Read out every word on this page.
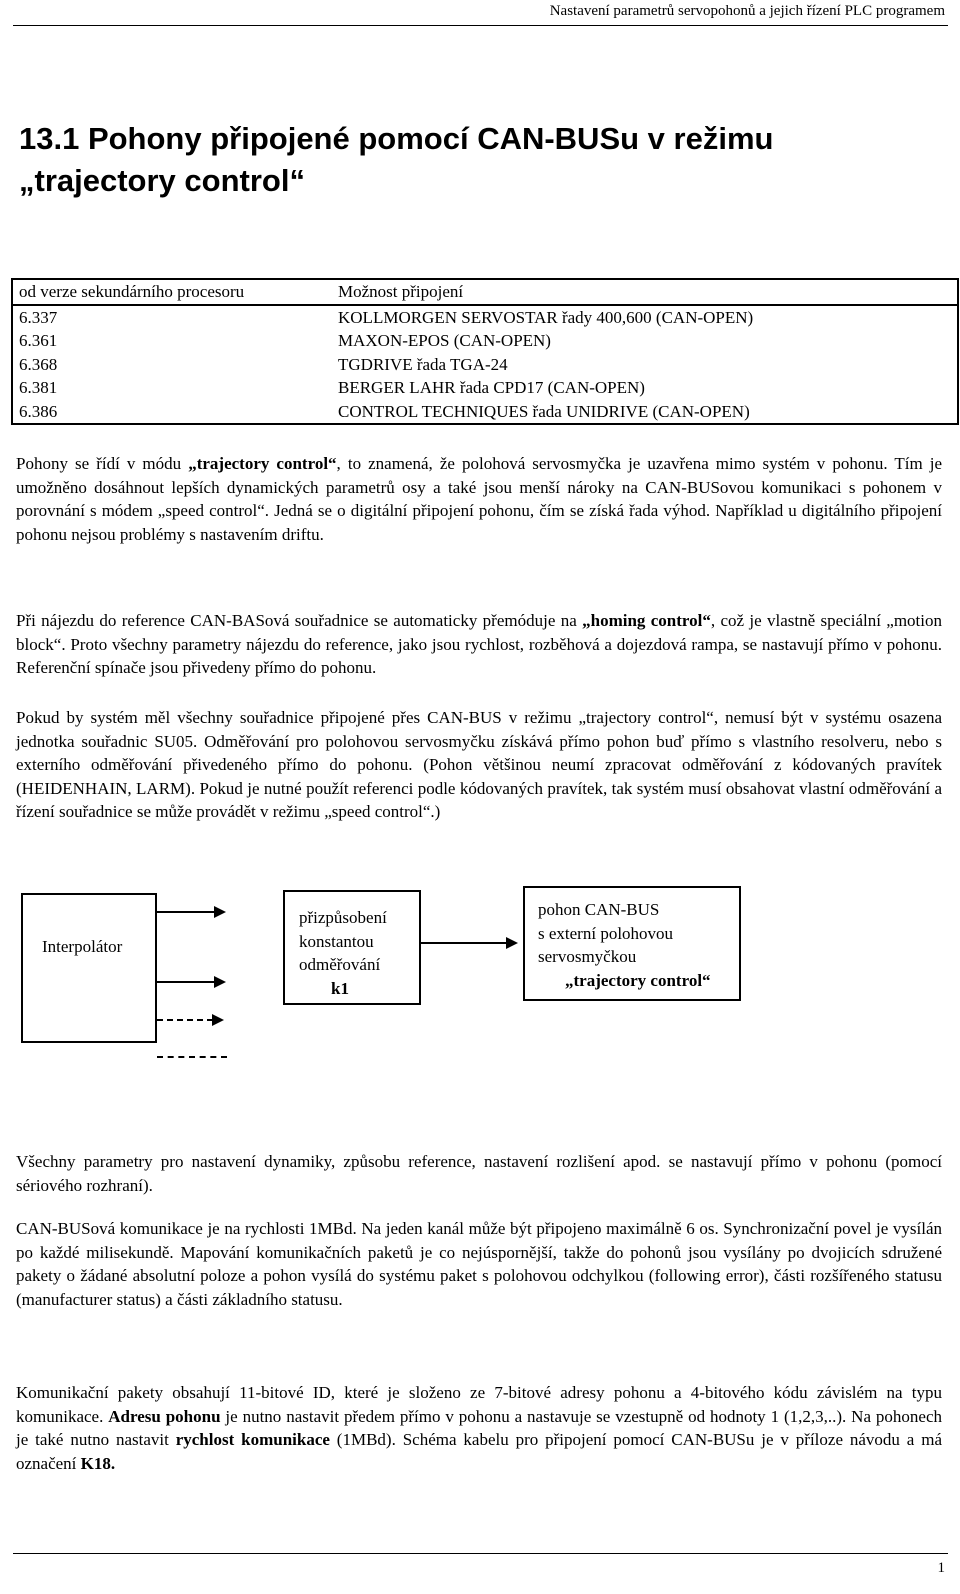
Nastavení parametrů servopohonů a jejich řízení PLC programem
13.1 Pohony připojené pomocí CAN-BUSu v režimu
„trajectory control“
od verze sekundárního procesoru	Možnost připojení
6.337	KOLLMORGEN SERVOSTAR řady 400,600 (CAN-OPEN)
6.361	MAXON-EPOS (CAN-OPEN)
6.368	TGDRIVE řada TGA-24
6.381	BERGER LAHR řada CPD17 (CAN-OPEN)
6.386	CONTROL TECHNIQUES řada UNIDRIVE (CAN-OPEN)
Pohony se řídí v módu „trajectory control“, to znamená, že polohová servosmyčka je uzavřena mimo systém v pohonu. Tím je umožněno dosáhnout lepších dynamických parametrů osy a také jsou menší nároky na CAN-BUSovou komunikaci s pohonem v porovnání s módem „speed control“. Jedná se o digitální připojení pohonu, čím se získá řada výhod. Například u digitálního připojení pohonu nejsou problémy s nastavením driftu.
Při nájezdu do reference CAN-BASová souřadnice se automaticky přemóduje na „homing control“, což je vlastně speciální „motion block“. Proto všechny parametry nájezdu do reference, jako jsou rychlost, rozběhová a dojezdová rampa, se nastavují přímo v pohonu. Referenční spínače jsou přivedeny přímo do pohonu.
Pokud by systém měl všechny souřadnice připojené přes CAN-BUS v režimu „trajectory control“, nemusí být v systému osazena jednotka souřadnic SU05. Odměřování pro polohovou servosmyčku získává přímo pohon buď přímo s vlastního resolveru, nebo s externího odměřování přivedeného přímo do pohonu. (Pohon většinou neumí zpracovat odměřování z kódovaných pravítek (HEIDENHAIN, LARM). Pokud je nutné použít referenci podle kódovaných pravítek, tak systém musí obsahovat vlastní odměřování a řízení souřadnice se může provádět v režimu „speed control“.)
Interpolátor
přizpůsobení
konstantou
odměřování
k1
pohon CAN-BUS
s externí polohovou
servosmyčkou
„trajectory control“
Všechny parametry pro nastavení dynamiky, způsobu reference, nastavení rozlišení apod. se nastavují přímo v pohonu (pomocí sériového rozhraní).
CAN-BUSová komunikace je na rychlosti 1MBd. Na jeden kanál může být připojeno maximálně 6 os. Synchronizační povel je vysílán po každé milisekundě. Mapování komunikačních paketů je co nejúspornější, takže do pohonů jsou vysílány po dvojicích sdružené pakety o žádané absolutní poloze a pohon vysílá do systému paket s polohovou odchylkou (following error), části rozšířeného statusu (manufacturer status) a části základního statusu.
Komunikační pakety obsahují 11-bitové ID, které je složeno ze 7-bitové adresy pohonu a 4-bitového kódu závislém na typu komunikace. Adresu pohonu je nutno nastavit předem přímo v pohonu a nastavuje se vzestupně od hodnoty 1 (1,2,3,..). Na pohonech je také nutno nastavit rychlost komunikace (1MBd). Schéma kabelu pro připojení pomocí CAN-BUSu je v příloze návodu a má označení K18.
1
